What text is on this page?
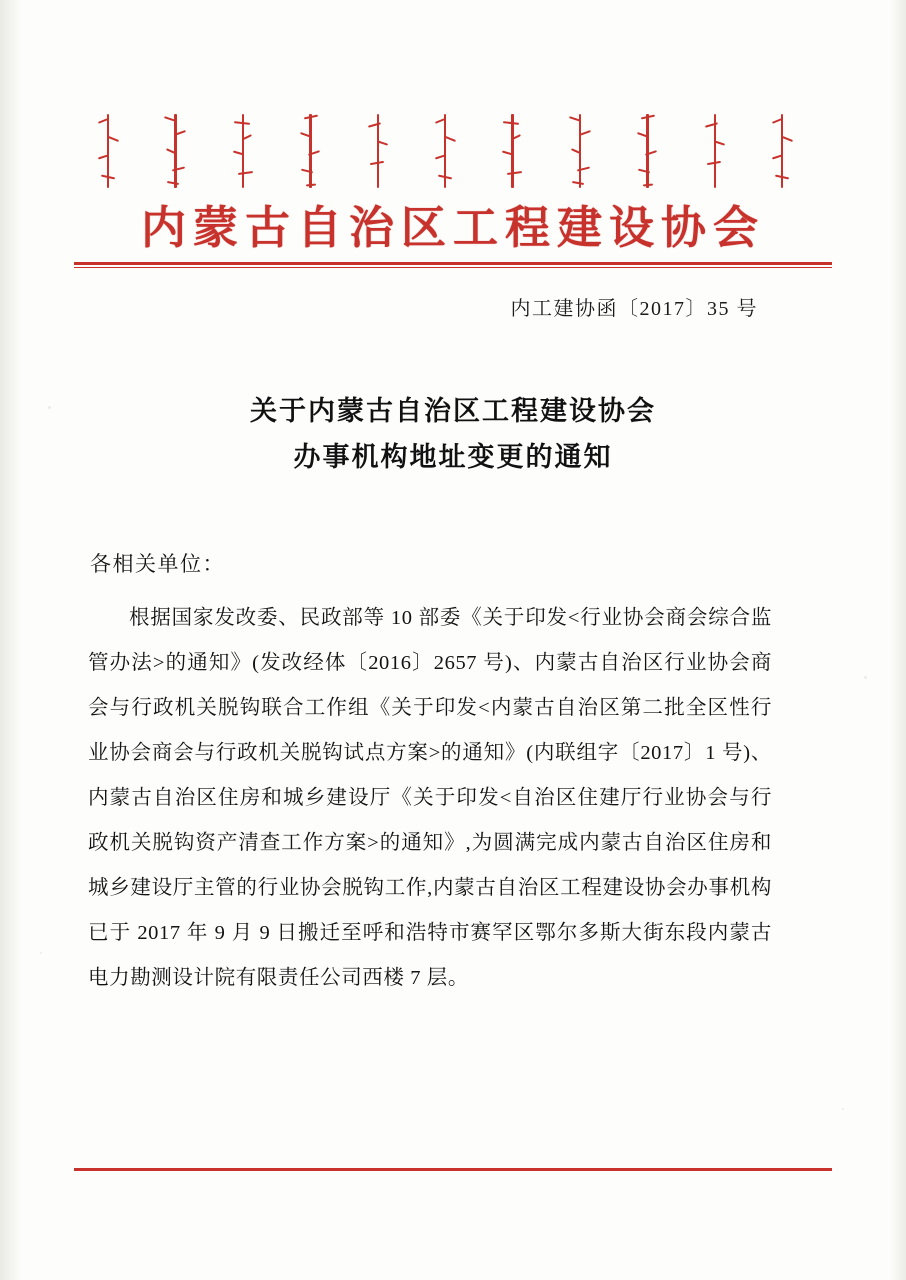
内蒙古自治区工程建设协会
内工建协函〔2017〕35 号
关于内蒙古自治区工程建设协会
办事机构地址变更的通知
各相关单位：
根据国家发改委、民政部等 10 部委《关于印发<行业协会商会综合监管办法>的通知》(发改经体〔2016〕2657 号)、内蒙古自治区行业协会商会与行政机关脱钩联合工作组《关于印发<内蒙古自治区第二批全区性行业协会商会与行政机关脱钩试点方案>的通知》(内联组字〔2017〕1 号)、内蒙古自治区住房和城乡建设厅《关于印发<自治区住建厅行业协会与行政机关脱钩资产清查工作方案>的通知》,为圆满完成内蒙古自治区住房和城乡建设厅主管的行业协会脱钩工作,内蒙古自治区工程建设协会办事机构已于 2017 年 9 月 9 日搬迁至呼和浩特市赛罕区鄂尔多斯大街东段内蒙古电力勘测设计院有限责任公司西楼 7 层。
